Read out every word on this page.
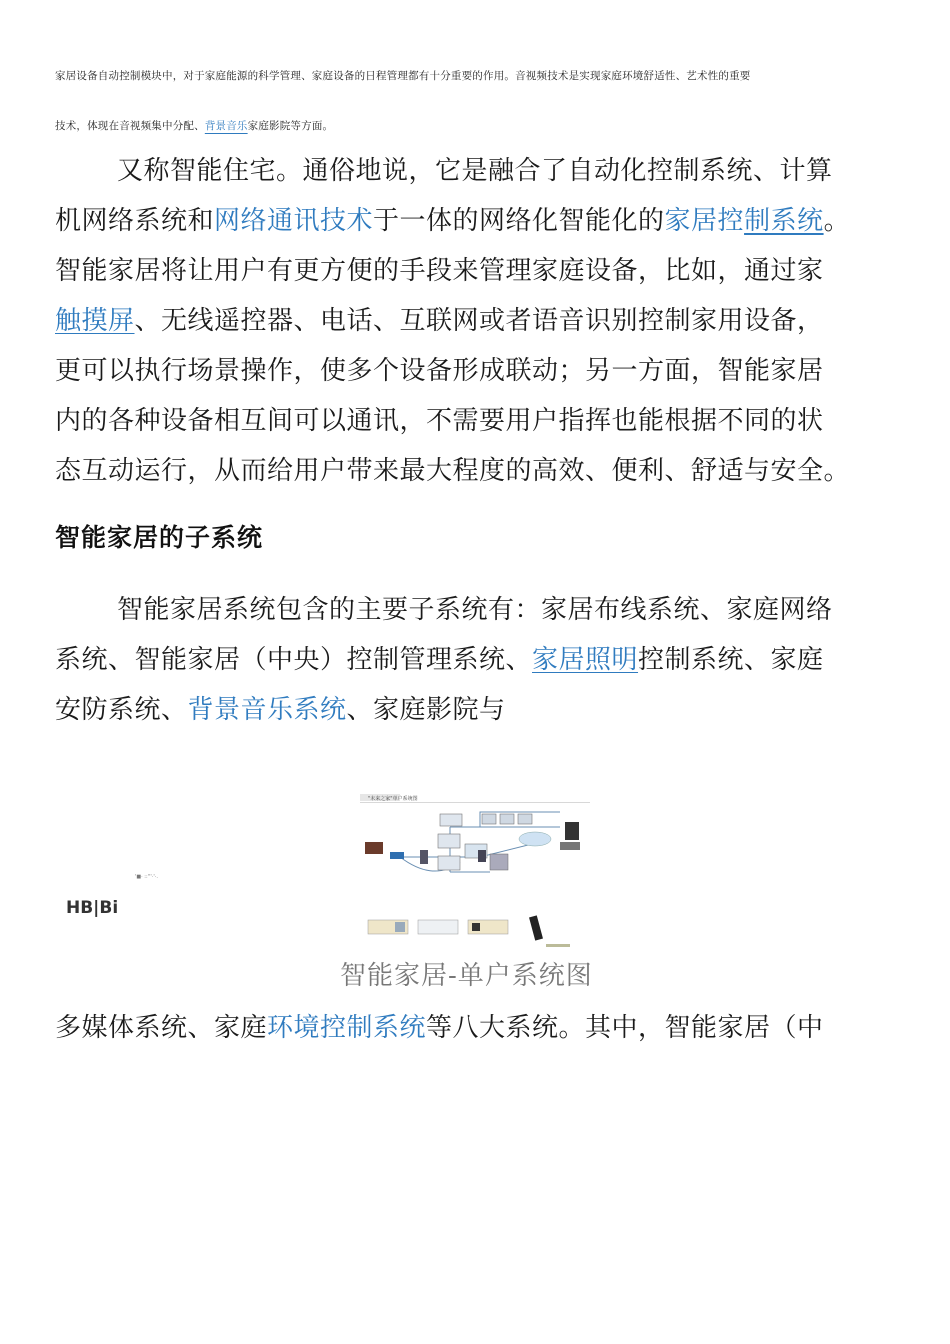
家居设备自动控制模块中，对于家庭能源的科学管理、家庭设备的日程管理都有十分重要的作用。音视频技术是实现家庭环境舒适性、艺术性的重要
技术，体现在音视频集中分配、背景音乐家庭影院等方面。
又称智能住宅。通俗地说，它是融合了自动化控制系统、计算
机网络系统和网络通讯技术于一体的网络化智能化的家居控制系统。
智能家居将让用户有更方便的手段来管理家庭设备，比如，通过家
触摸屏、无线遥控器、电话、互联网或者语音识别控制家用设备，
更可以执行场景操作，使多个设备形成联动；另一方面，智能家居
内的各种设备相互间可以通讯，不需要用户指挥也能根据不同的状
态互动运行，从而给用户带来最大程度的高效、便利、舒适与安全。
智能家居的子系统
智能家居系统包含的主要子系统有：家居布线系统、家庭网络
系统、智能家居（中央）控制管理系统、家居照明控制系统、家庭
安防系统、背景音乐系统、家庭影院与
"未来之家"单户系统图
'■· ::'''·'·.
HB|Bi
智能家居-单户系统图
多媒体系统、家庭环境控制系统等八大系统。其中，智能家居（中
